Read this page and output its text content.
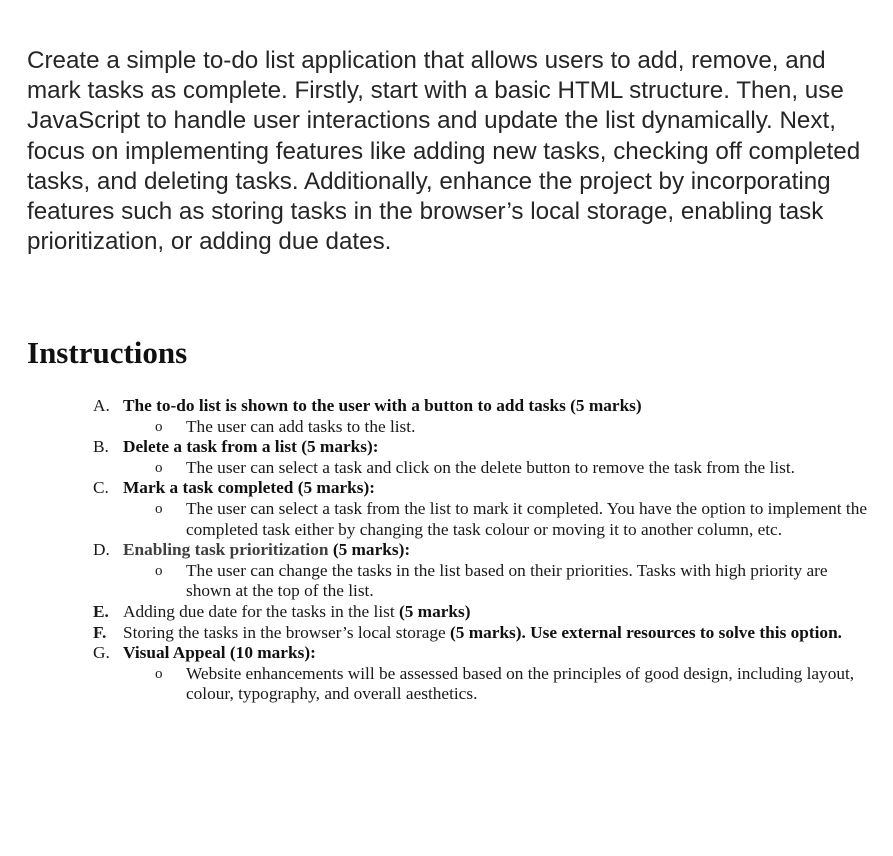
Create a simple to-do list application that allows users to add, remove, and mark tasks as complete. Firstly, start with a basic HTML structure. Then, use JavaScript to handle user interactions and update the list dynamically. Next, focus on implementing features like adding new tasks, checking off completed tasks, and deleting tasks. Additionally, enhance the project by incorporating features such as storing tasks in the browser’s local storage, enabling task prioritization, or adding due dates.

Instructions
A. The to-do list is shown to the user with a button to add tasks (5 marks)
o The user can add tasks to the list.
B. Delete a task from a list (5 marks):
o The user can select a task and click on the delete button to remove the task from the list.
C. Mark a task completed (5 marks):
o The user can select a task from the list to mark it completed. You have the option to implement the completed task either by changing the task colour or moving it to another column, etc.
D. Enabling task prioritization (5 marks):
o The user can change the tasks in the list based on their priorities. Tasks with high priority are shown at the top of the list.
E. Adding due date for the tasks in the list (5 marks)
F. Storing the tasks in the browser’s local storage (5 marks). Use external resources to solve this option.
G. Visual Appeal (10 marks):
o Website enhancements will be assessed based on the principles of good design, including layout, colour, typography, and overall aesthetics.
